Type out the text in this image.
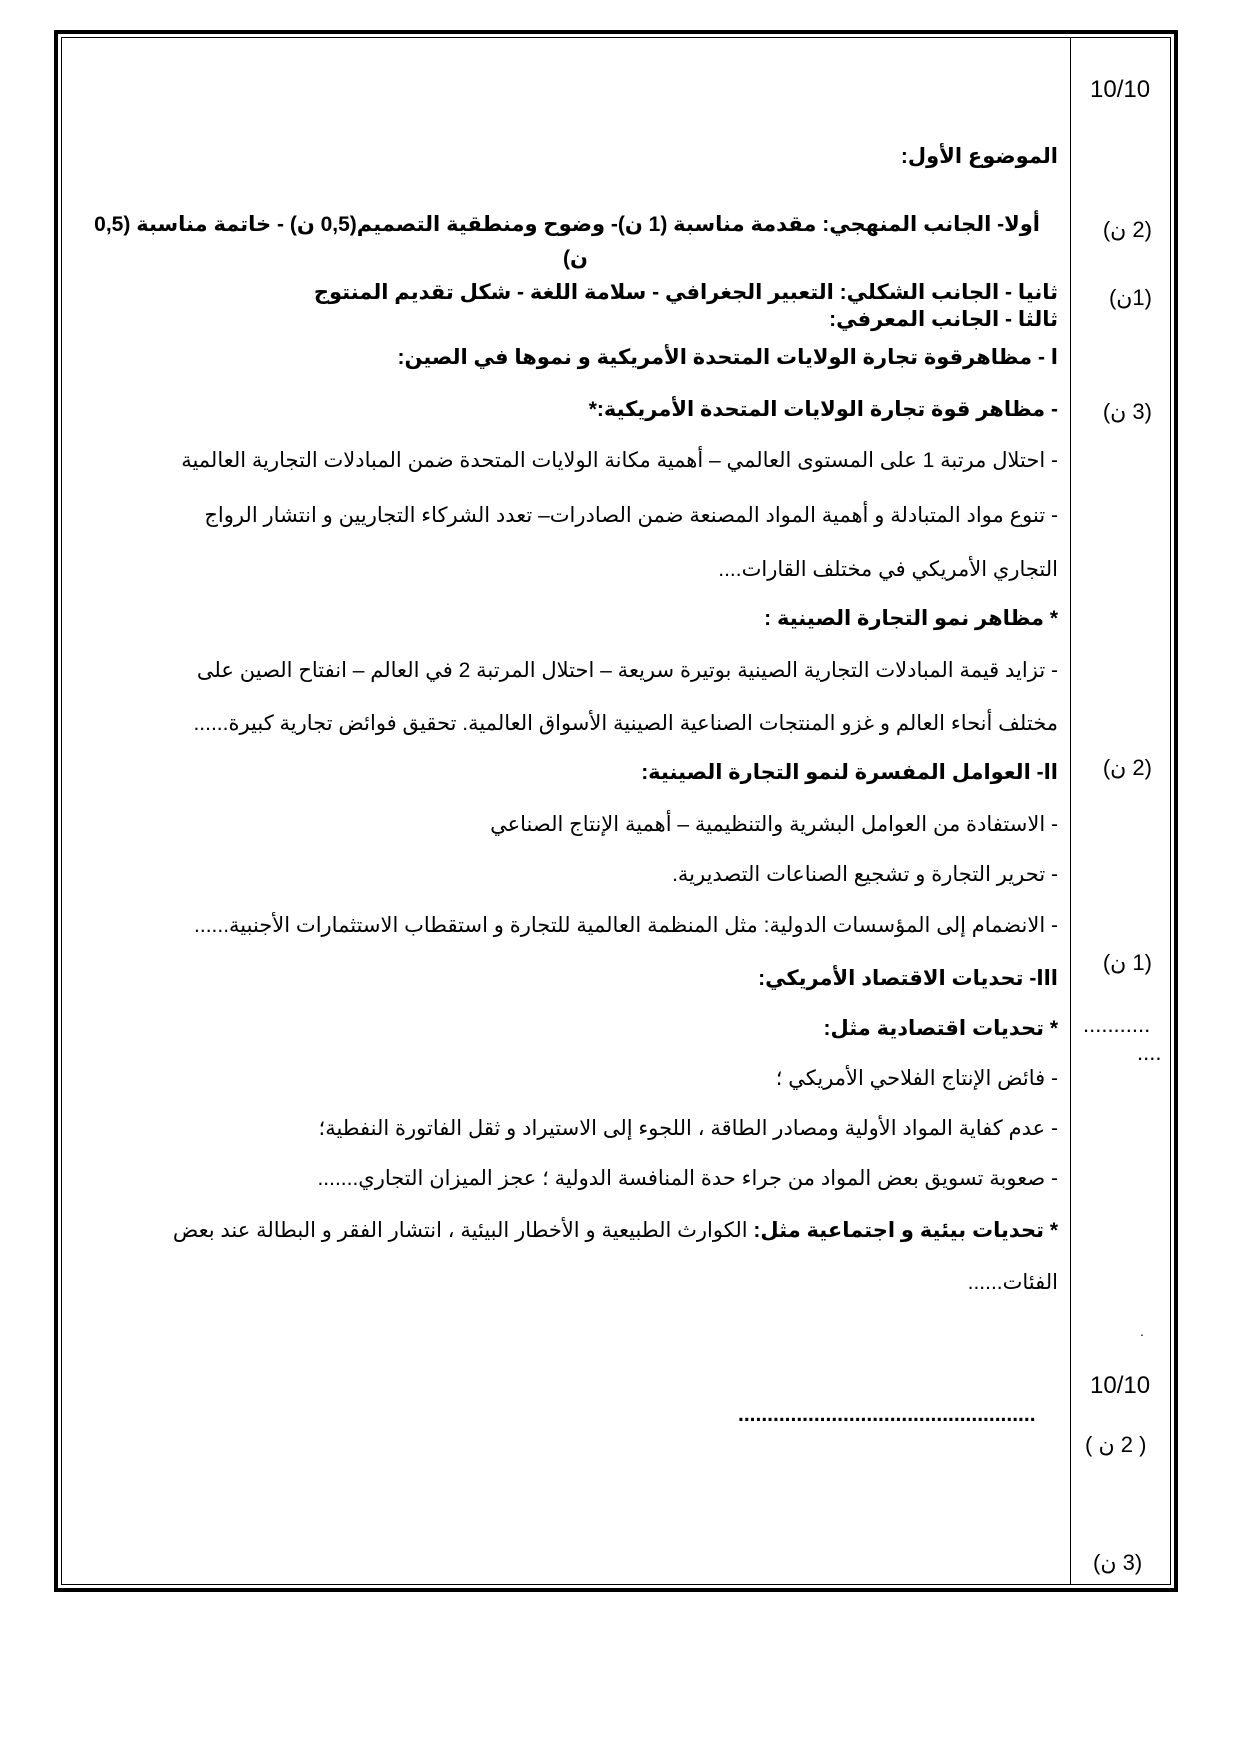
10/10
(2 ن)
(1ن)
(3 ن)
(2 ن)
(1 ن)
...........
....
.
10/10
( 2 ن )
(3 ن)
الموضوع الأول:
أولا- الجانب المنهجي: مقدمة مناسبة (1 ن)- وضوح ومنطقية التصميم(0,5 ن) - خاتمة مناسبة (0,5
ن)
ثانيا - الجانب الشكلي: التعبير الجغرافي - سلامة اللغة - شكل تقديم المنتوج
ثالثا - الجانب المعرفي:
ا - مظاهرقوة تجارة الولايات المتحدة الأمريكية و نموها في الصين:
- مظاهر قوة تجارة الولايات المتحدة الأمريكية:*
- احتلال مرتبة 1 على المستوى العالمي – أهمية مكانة الولايات المتحدة ضمن المبادلات التجارية العالمية
- تنوع مواد المتبادلة و أهمية المواد المصنعة ضمن الصادرات– تعدد الشركاء التجاريين و انتشار الرواج
التجاري الأمريكي في مختلف القارات....
* مظاهر نمو التجارة الصينية :
- تزايد قيمة المبادلات التجارية الصينية بوتيرة سريعة – احتلال المرتبة 2 في العالم – انفتاح الصين على
مختلف أنحاء العالم و غزو المنتجات الصناعية الصينية الأسواق العالمية. تحقيق فوائض تجارية كبيرة......
اا- العوامل المفسرة لنمو التجارة الصينية:
- الاستفادة من العوامل البشرية والتنظيمية – أهمية الإنتاج الصناعي
- تحرير التجارة و تشجيع الصناعات التصديرية.
- الانضمام إلى المؤسسات الدولية: مثل المنظمة العالمية للتجارة و استقطاب الاستثمارات الأجنبية......
ااا- تحديات الاقتصاد الأمريكي:
* تحديات اقتصادية مثل:
- فائض الإنتاج الفلاحي الأمريكي ؛
- عدم كفاية المواد الأولية ومصادر الطاقة ، اللجوء إلى الاستيراد و ثقل الفاتورة النفطية؛
- صعوبة تسويق بعض المواد من جراء حدة المنافسة الدولية ؛ عجز الميزان التجاري.......
* تحديات بيئية و اجتماعية مثل: الكوارث الطبيعية و الأخطار البيئية ، انتشار الفقر و البطالة عند بعض
الفئات......
...................................................
